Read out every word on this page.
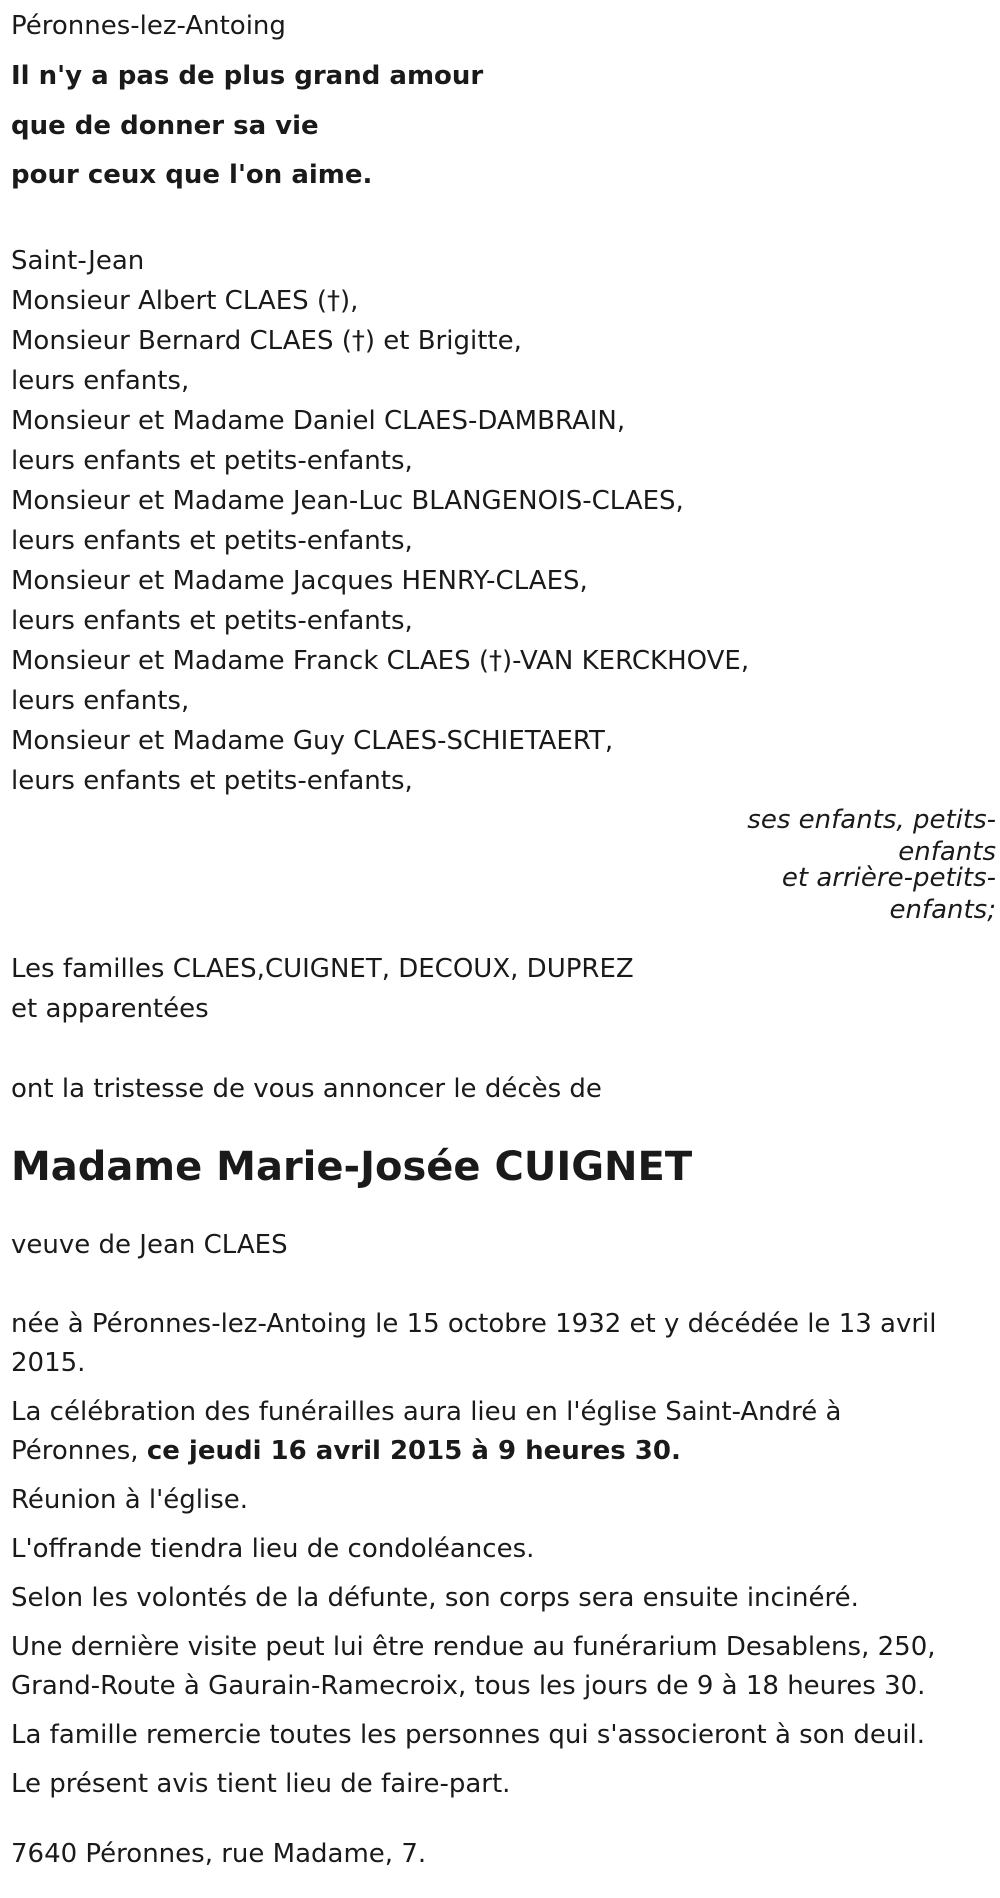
Péronnes-lez-Antoing
Il n'y a pas de plus grand amour
que de donner sa vie
pour ceux que l'on aime.
Saint-Jean
Monsieur Albert CLAES (†),
Monsieur Bernard CLAES (†) et Brigitte,
leurs enfants,
Monsieur et Madame Daniel CLAES-DAMBRAIN,
leurs enfants et petits-enfants,
Monsieur et Madame Jean-Luc BLANGENOIS-CLAES,
leurs enfants et petits-enfants,
Monsieur et Madame Jacques HENRY-CLAES,
leurs enfants et petits-enfants,
Monsieur et Madame Franck CLAES (†)-VAN KERCKHOVE,
leurs enfants,
Monsieur et Madame Guy CLAES-SCHIETAERT,
leurs enfants et petits-enfants,
ses enfants, petits-
enfants
et arrière-petits-
enfants;
Les familles CLAES,CUIGNET, DECOUX, DUPREZ
et apparentées
ont la tristesse de vous annoncer le décès de
Madame Marie-Josée CUIGNET
veuve de Jean CLAES
née à Péronnes-lez-Antoing le 15 octobre 1932 et y décédée le 13 avril 2015.
La célébration des funérailles aura lieu en l'église Saint-André à Péronnes, ce jeudi 16 avril 2015 à 9 heures 30.
Réunion à l'église.
L'offrande tiendra lieu de condoléances.
Selon les volontés de la défunte, son corps sera ensuite incinéré.
Une dernière visite peut lui être rendue au funérarium Desablens, 250, Grand-Route à Gaurain-Ramecroix, tous les jours de 9 à 18 heures 30.
La famille remercie toutes les personnes qui s'associeront à son deuil.
Le présent avis tient lieu de faire-part.
7640 Péronnes, rue Madame, 7.
